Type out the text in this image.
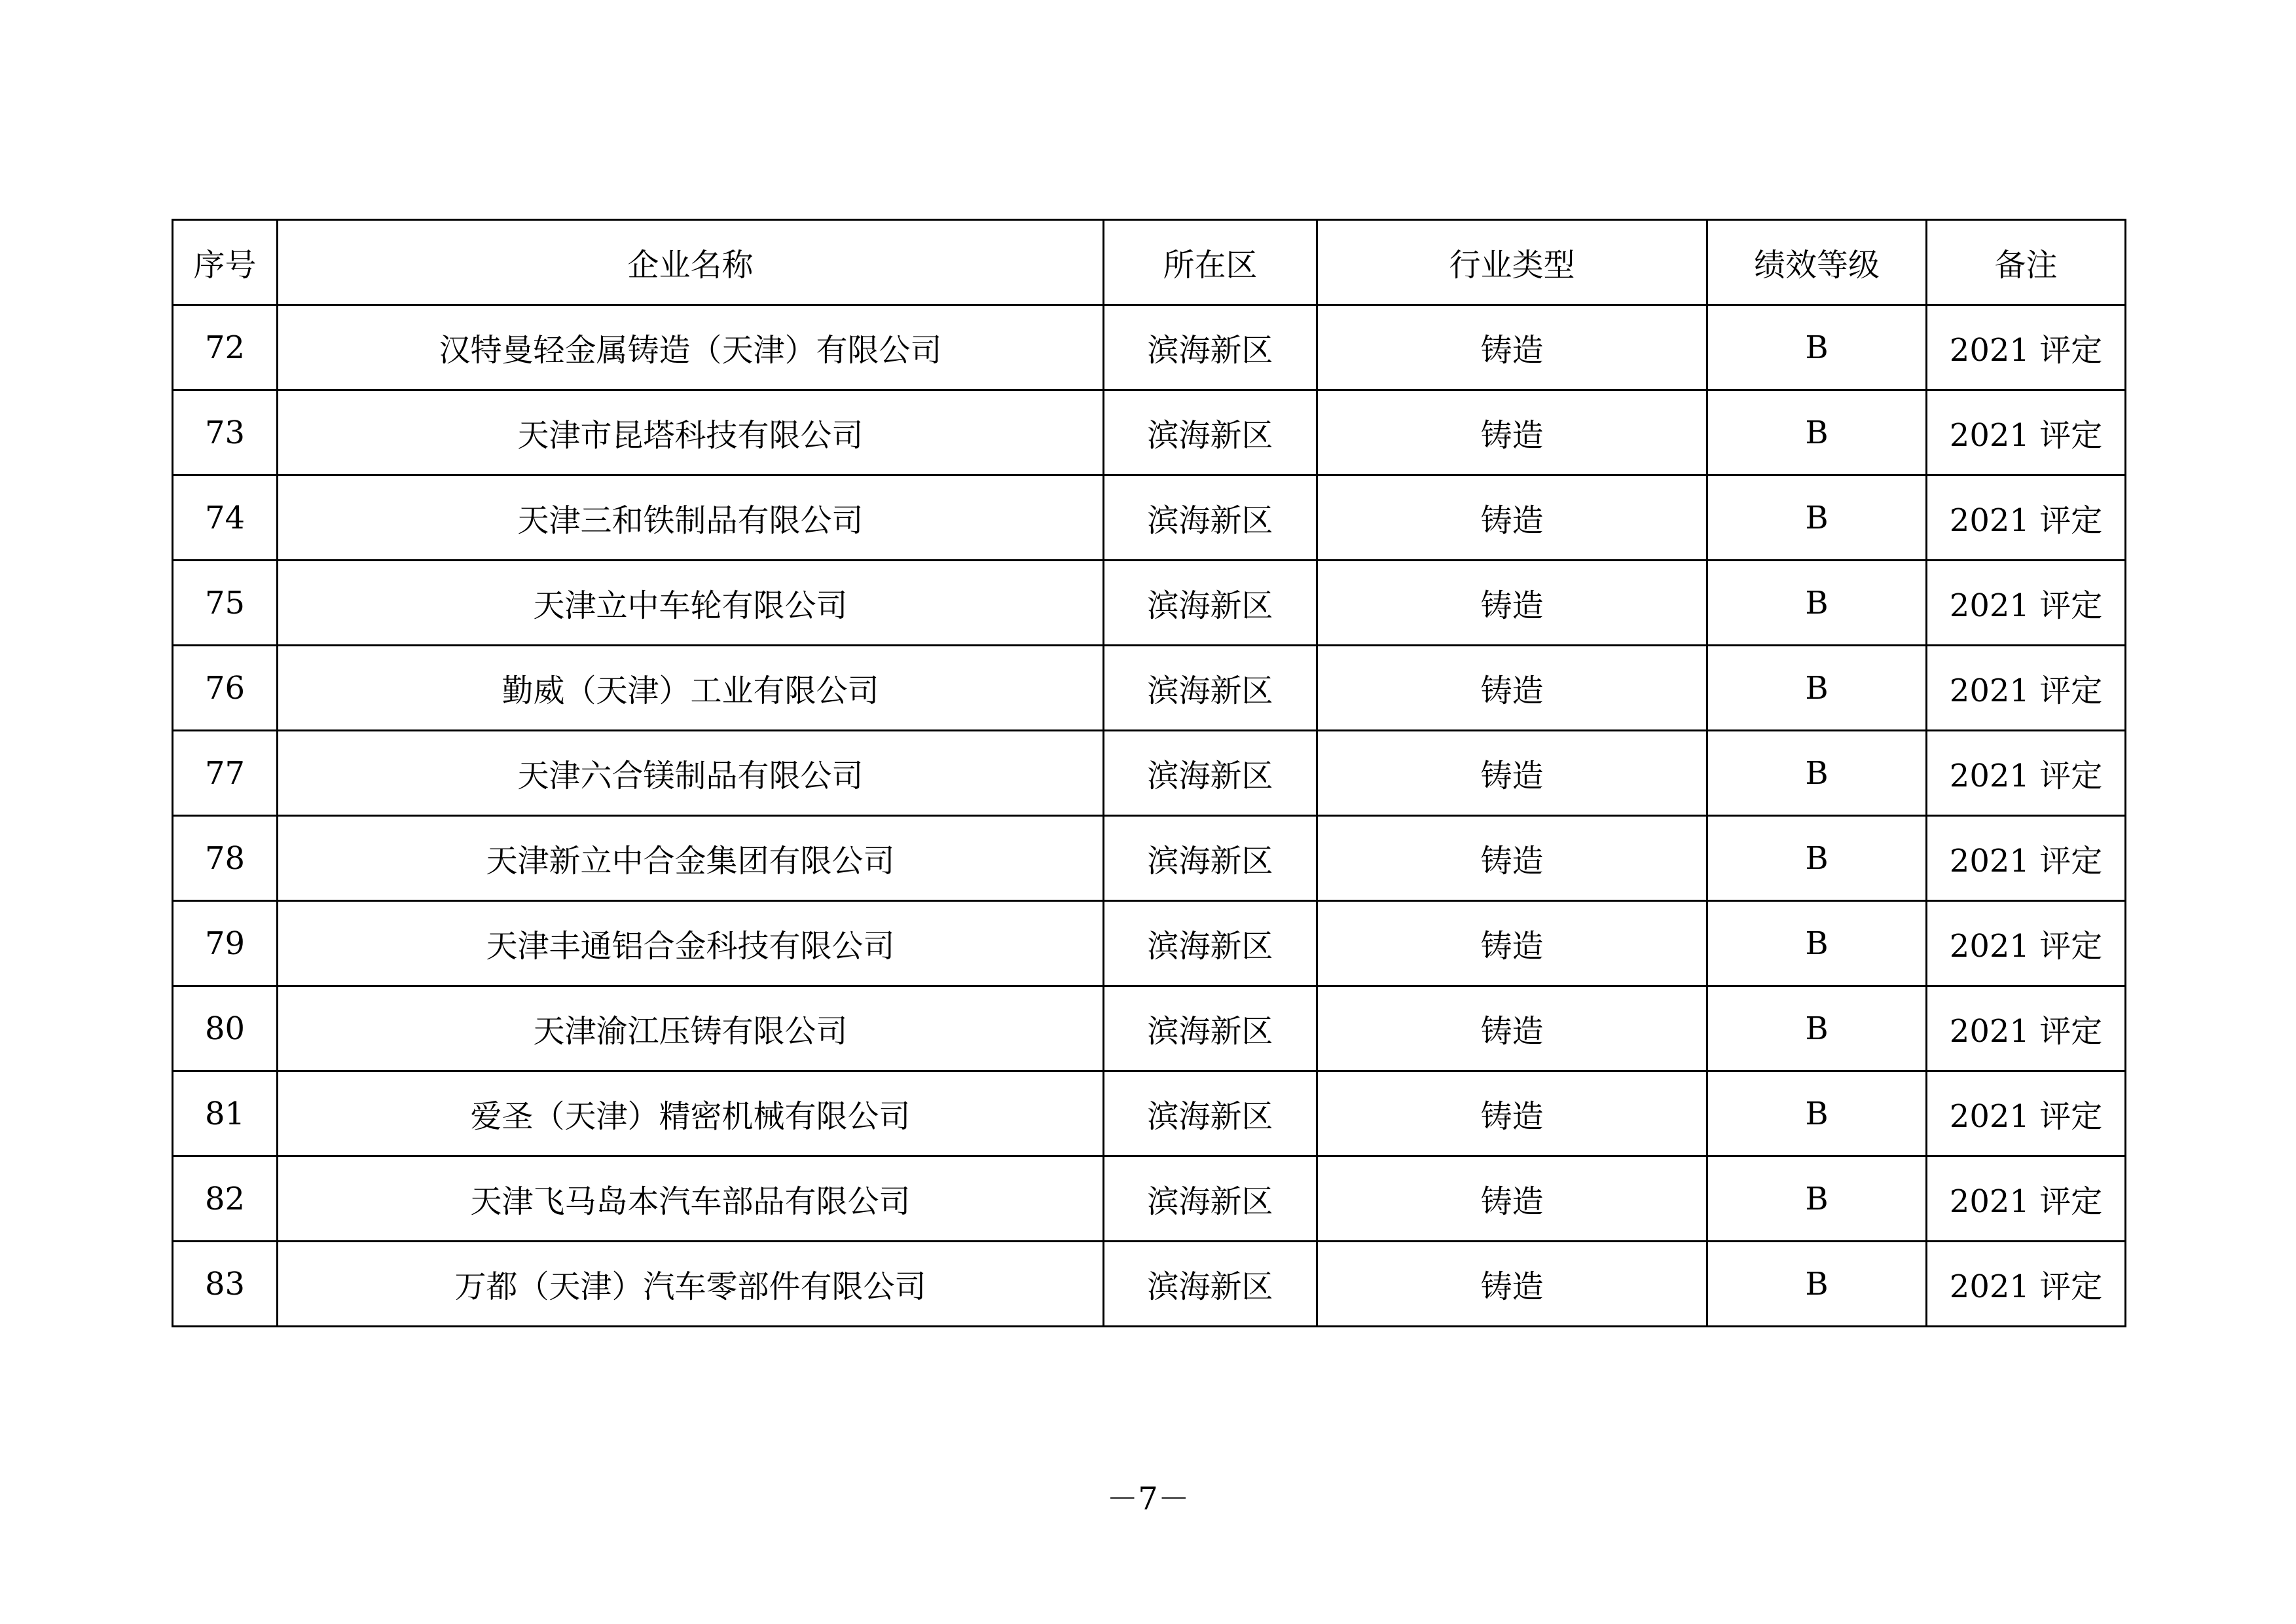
序号	企业名称	所在区	行业类型	绩效等级	备注
72	汉特曼轻金属铸造（天津）有限公司	滨海新区	铸造	B	2021 评定
73	天津市昆塔科技有限公司	滨海新区	铸造	B	2021 评定
74	天津三和铁制品有限公司	滨海新区	铸造	B	2021 评定
75	天津立中车轮有限公司	滨海新区	铸造	B	2021 评定
76	勤威（天津）工业有限公司	滨海新区	铸造	B	2021 评定
77	天津六合镁制品有限公司	滨海新区	铸造	B	2021 评定
78	天津新立中合金集团有限公司	滨海新区	铸造	B	2021 评定
79	天津丰通铝合金科技有限公司	滨海新区	铸造	B	2021 评定
80	天津渝江压铸有限公司	滨海新区	铸造	B	2021 评定
81	爱圣（天津）精密机械有限公司	滨海新区	铸造	B	2021 评定
82	天津飞马岛本汽车部品有限公司	滨海新区	铸造	B	2021 评定
83	万都（天津）汽车零部件有限公司	滨海新区	铸造	B	2021 评定
－7－
